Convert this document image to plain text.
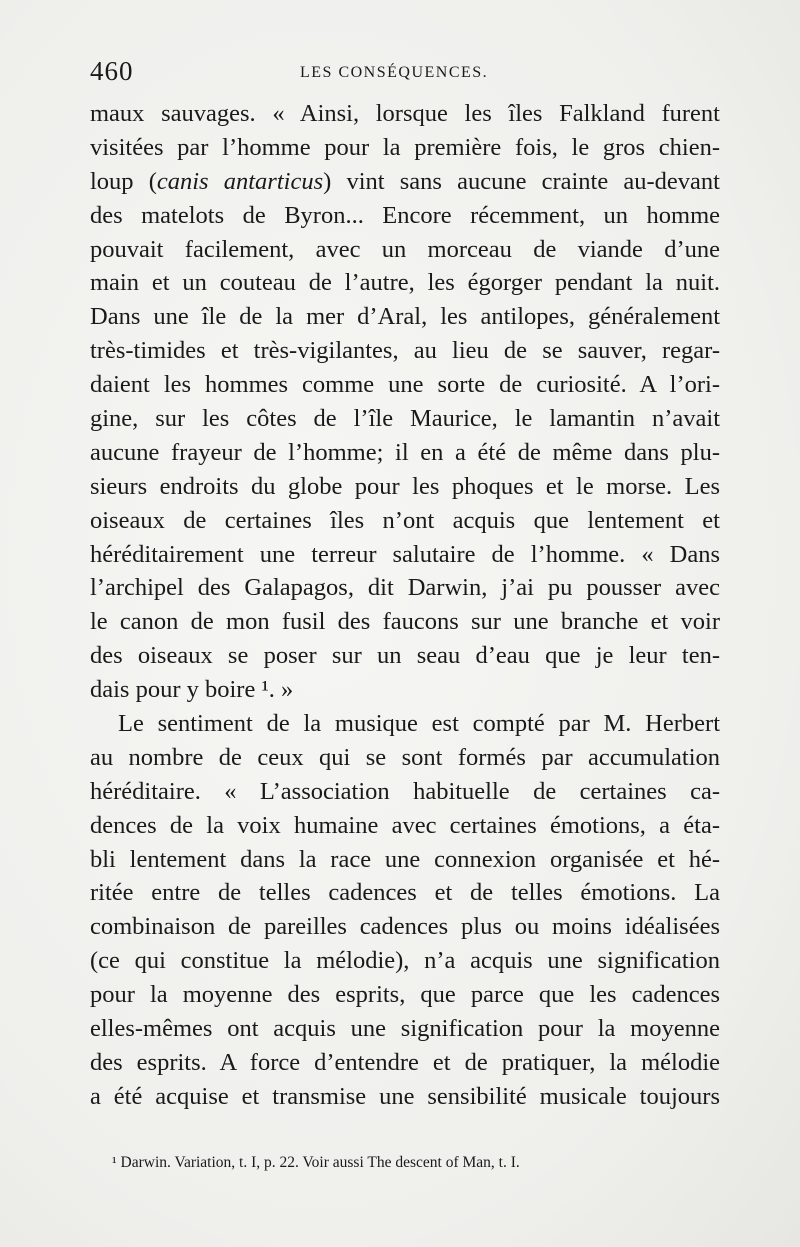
460	LES CONSÉQUENCES.
maux sauvages. « Ainsi, lorsque les îles Falkland furent
visitées par l’homme pour la première fois, le gros chien-
loup (canis antarticus) vint sans aucune crainte au-devant
des matelots de Byron... Encore récemment, un homme
pouvait facilement, avec un morceau de viande d’une
main et un couteau de l’autre, les égorger pendant la nuit.
Dans une île de la mer d’Aral, les antilopes, généralement
très-timides et très-vigilantes, au lieu de se sauver, regar-
daient les hommes comme une sorte de curiosité. A l’ori-
gine, sur les côtes de l’île Maurice, le lamantin n’avait
aucune frayeur de l’homme; il en a été de même dans plu-
sieurs endroits du globe pour les phoques et le morse. Les
oiseaux de certaines îles n’ont acquis que lentement et
héréditairement une terreur salutaire de l’homme. « Dans
l’archipel des Galapagos, dit Darwin, j’ai pu pousser avec
le canon de mon fusil des faucons sur une branche et voir
des oiseaux se poser sur un seau d’eau que je leur ten-
dais pour y boire ¹. »
Le sentiment de la musique est compté par M. Herbert
au nombre de ceux qui se sont formés par accumulation
héréditaire. « L’association habituelle de certaines ca-
dences de la voix humaine avec certaines émotions, a éta-
bli lentement dans la race une connexion organisée et hé-
ritée entre de telles cadences et de telles émotions. La
combinaison de pareilles cadences plus ou moins idéalisées
(ce qui constitue la mélodie), n’a acquis une signification
pour la moyenne des esprits, que parce que les cadences
elles-mêmes ont acquis une signification pour la moyenne
des esprits. A force d’entendre et de pratiquer, la mélodie
a été acquise et transmise une sensibilité musicale toujours
¹ Darwin. Variation, t. I, p. 22. Voir aussi The descent of Man, t. I.
